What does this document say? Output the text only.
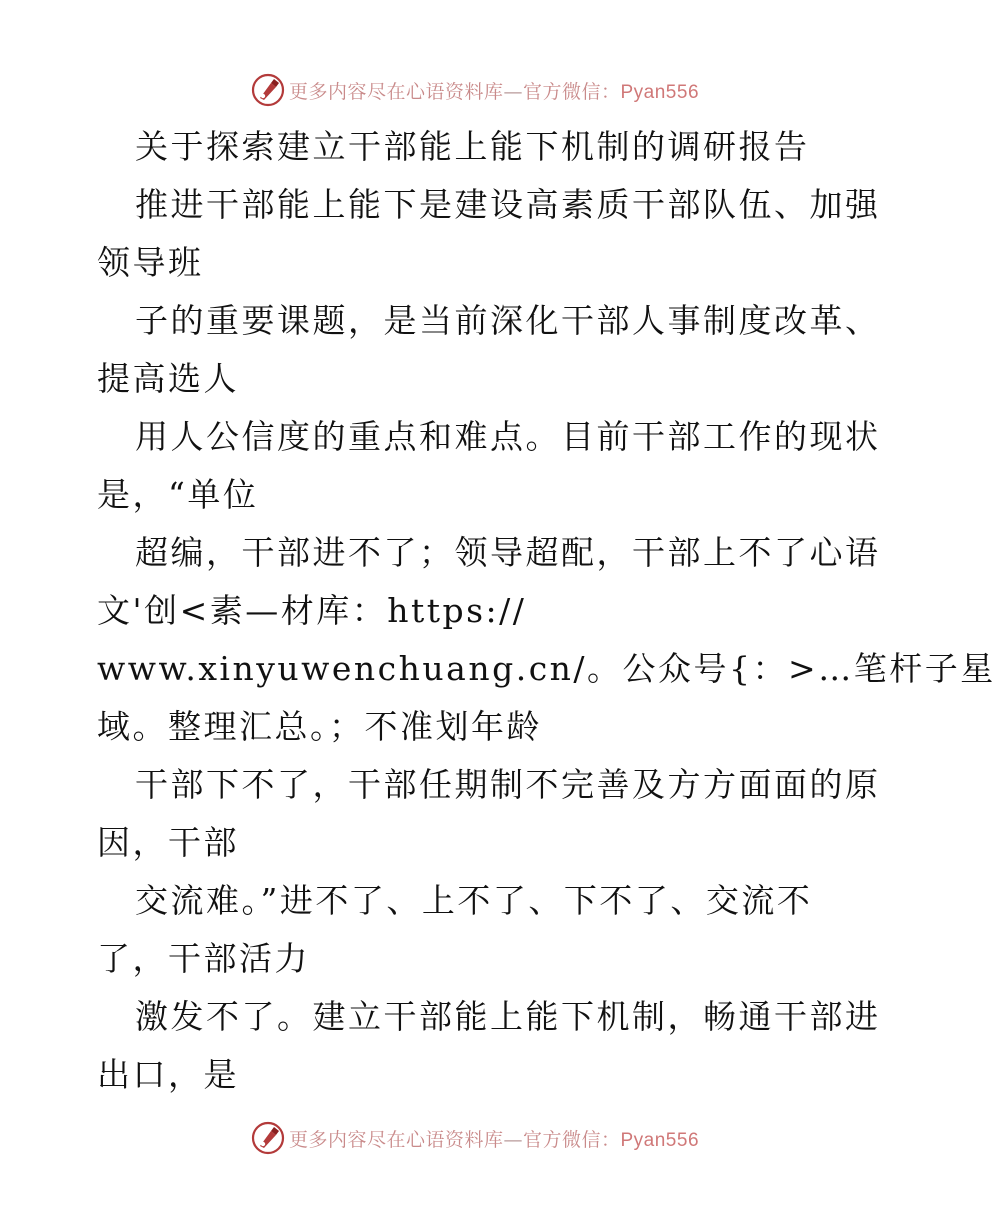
更多内容尽在心语资料库—官方微信：Pyan556
关于探索建立干部能上能下机制的调研报告
推进干部能上能下是建设高素质干部队伍、加强
领导班
子的重要课题，是当前深化干部人事制度改革、
提高选人
用人公信度的重点和难点。目前干部工作的现状
是，“单位
超编，干部进不了；领导超配，干部上不了心语
文'创<素—材库：https://
www.xinyuwenchuang.cn/。公众号{：>…笔杆子星
域。整理汇总。；不准划年龄
干部下不了，干部任期制不完善及方方面面的原
因，干部
交流难。”进不了、上不了、下不了、交流不
了，干部活力
激发不了。建立干部能上能下机制，畅通干部进
出口，是
更多内容尽在心语资料库—官方微信：Pyan556
